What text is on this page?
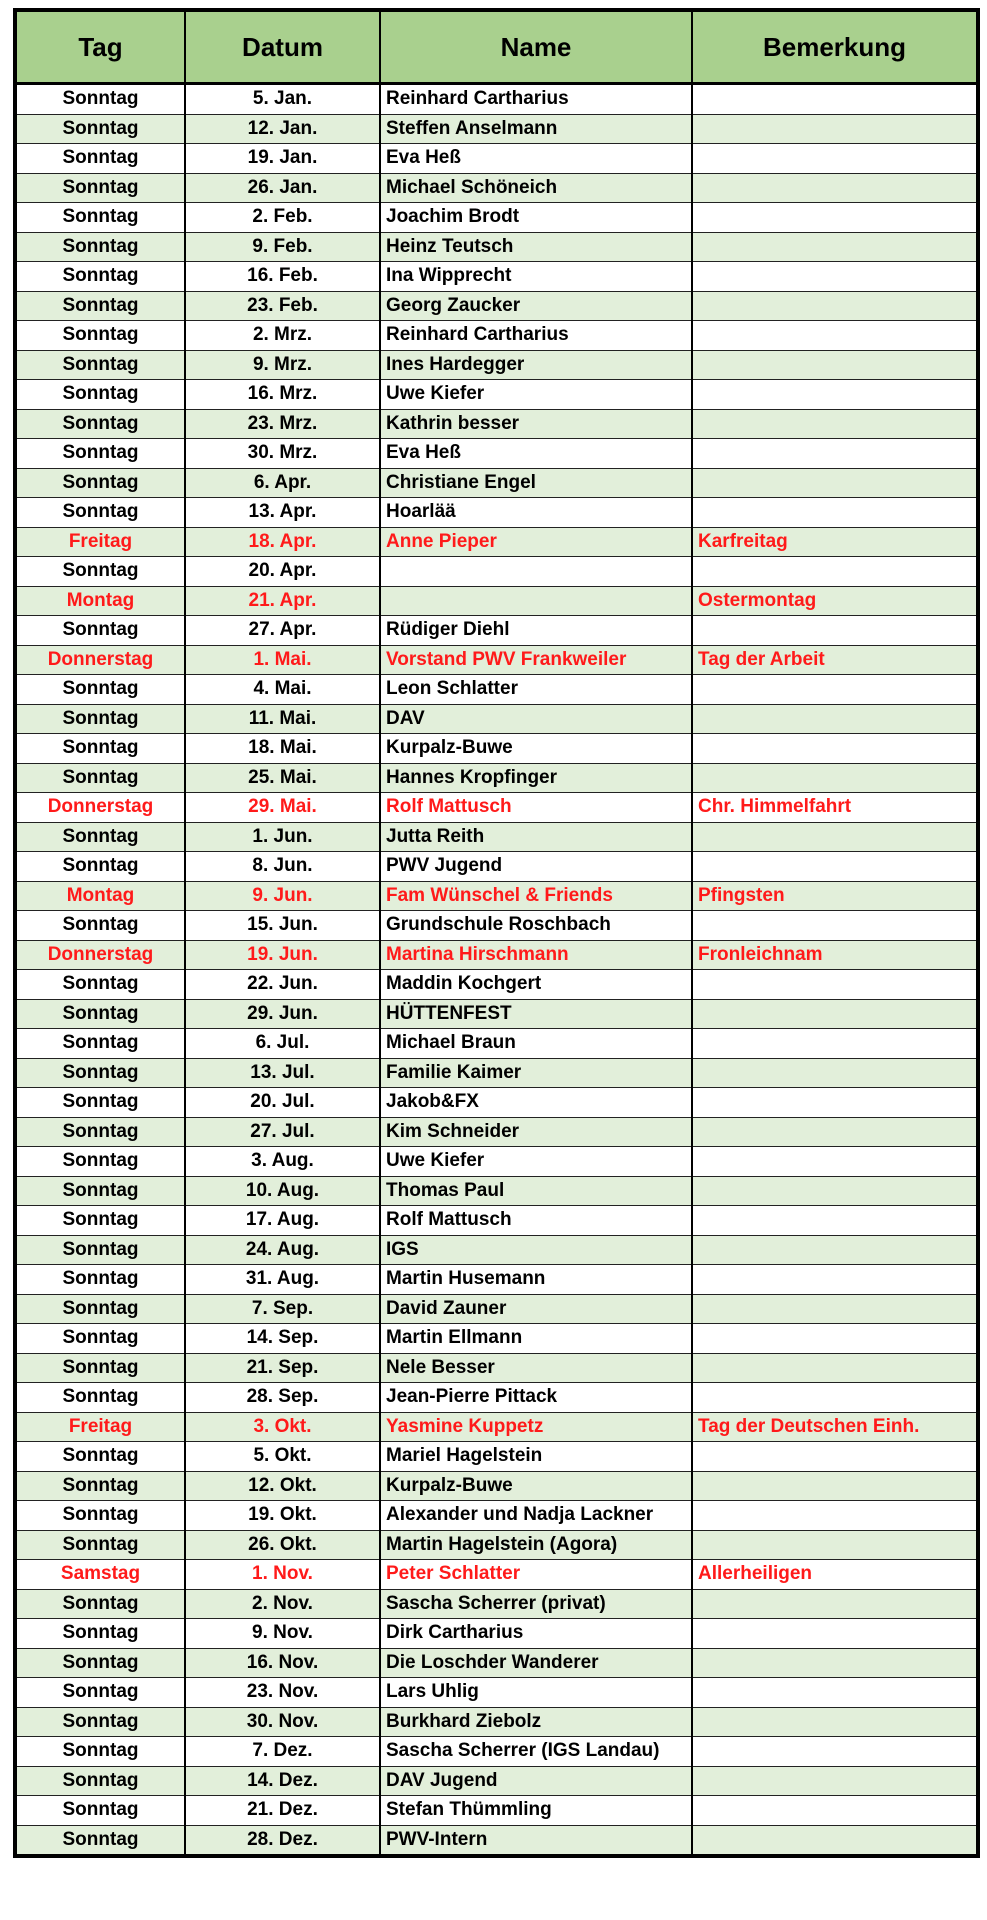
Tag	Datum	Name	Bemerkung
Sonntag	5. Jan.	Reinhard Cartharius	
Sonntag	12. Jan.	Steffen Anselmann	
Sonntag	19. Jan.	Eva Heß	
Sonntag	26. Jan.	Michael Schöneich	
Sonntag	2. Feb.	Joachim Brodt	
Sonntag	9. Feb.	Heinz Teutsch	
Sonntag	16. Feb.	Ina Wipprecht	
Sonntag	23. Feb.	Georg Zaucker	
Sonntag	2. Mrz.	Reinhard Cartharius	
Sonntag	9. Mrz.	Ines Hardegger	
Sonntag	16. Mrz.	Uwe Kiefer	
Sonntag	23. Mrz.	Kathrin besser	
Sonntag	30. Mrz.	Eva Heß	
Sonntag	6. Apr.	Christiane Engel	
Sonntag	13. Apr.	Hoarlää	
Freitag	18. Apr.	Anne Pieper	Karfreitag
Sonntag	20. Apr.		
Montag	21. Apr.		Ostermontag
Sonntag	27. Apr.	Rüdiger Diehl	
Donnerstag	1. Mai.	Vorstand PWV Frankweiler	Tag der Arbeit
Sonntag	4. Mai.	Leon Schlatter	
Sonntag	11. Mai.	DAV	
Sonntag	18. Mai.	Kurpalz-Buwe	
Sonntag	25. Mai.	Hannes Kropfinger	
Donnerstag	29. Mai.	Rolf Mattusch	Chr. Himmelfahrt
Sonntag	1. Jun.	Jutta Reith	
Sonntag	8. Jun.	PWV Jugend	
Montag	9. Jun.	Fam Wünschel & Friends	Pfingsten
Sonntag	15. Jun.	Grundschule Roschbach	
Donnerstag	19. Jun.	Martina Hirschmann	Fronleichnam
Sonntag	22. Jun.	Maddin Kochgert	
Sonntag	29. Jun.	HÜTTENFEST	
Sonntag	6. Jul.	Michael Braun	
Sonntag	13. Jul.	Familie Kaimer	
Sonntag	20. Jul.	Jakob&FX	
Sonntag	27. Jul.	Kim Schneider	
Sonntag	3. Aug.	Uwe Kiefer	
Sonntag	10. Aug.	Thomas Paul	
Sonntag	17. Aug.	Rolf Mattusch	
Sonntag	24. Aug.	IGS	
Sonntag	31. Aug.	Martin Husemann	
Sonntag	7. Sep.	David Zauner	
Sonntag	14. Sep.	Martin Ellmann	
Sonntag	21. Sep.	Nele Besser	
Sonntag	28. Sep.	Jean-Pierre Pittack	
Freitag	3. Okt.	Yasmine Kuppetz	Tag der Deutschen Einh.
Sonntag	5. Okt.	Mariel Hagelstein	
Sonntag	12. Okt.	Kurpalz-Buwe	
Sonntag	19. Okt.	Alexander und Nadja Lackner	
Sonntag	26. Okt.	Martin Hagelstein (Agora)	
Samstag	1. Nov.	Peter Schlatter	Allerheiligen
Sonntag	2. Nov.	Sascha Scherrer (privat)	
Sonntag	9. Nov.	Dirk Cartharius	
Sonntag	16. Nov.	Die Loschder Wanderer	
Sonntag	23. Nov.	Lars Uhlig	
Sonntag	30. Nov.	Burkhard Ziebolz	
Sonntag	7. Dez.	Sascha Scherrer (IGS Landau)	
Sonntag	14. Dez.	DAV Jugend	
Sonntag	21. Dez.	Stefan Thümmling	
Sonntag	28. Dez.	PWV-Intern	
